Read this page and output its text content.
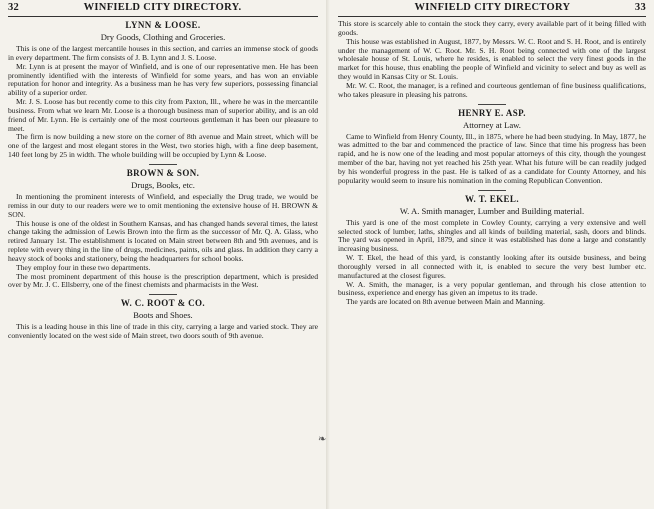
32	WINFIELD CITY DIRECTORY.
LYNN & LOOSE.
Dry Goods, Clothing and Groceries.

This is one of the largest mercantile houses in this section, and carries an immense stock of goods in every department. The firm consists of J. B. Lynn and J. S. Loose.

Mr. Lynn is at present the mayor of Winfield, and is one of our representative men. He has been prominently identified with the interests of Winfield for some years, and has won an enviable reputation for honor and integrity. As a business man he has very few superiors, possessing financial ability of a superior order.

Mr. J. S. Loose has but recently come to this city from Paxton, Ill., where he was in the mercantile business. From what we learn Mr. Loose is a thorough business man of superior ability, and is an old friend of Mr. Lynn. He is certainly one of the most courteous gentleman it has been our pleasure to meet.

The firm is now building a new store on the corner of 8th avenue and Main street, which will be one of the largest and most elegant stores in the West, two stories high, with a fine deep basement, 140 feet long by 25 in width. The whole building will be occupied by Lynn & Loose.

BROWN & SON.
Drugs, Books, etc.

In mentioning the prominent interests of Winfield, and especially the Drug trade, we would be remiss in our duty to our readers were we to omit mentioning the extensive house of H. BROWN & SON.

This house is one of the oldest in Southern Kansas, and has changed hands several times, the latest change taking the admission of Lewis Brown into the firm as the successor of Mr. Q. A. Glass, who retired January 1st. The establishment is located on Main street between 8th and 9th avenues, and is replete with every thing in the line of drugs, medicines, paints, oils and glass. In addition they carry a heavy stock of books and stationery, being the headquarters for school books.

They employ four in these two departments.

The most prominent department of this house is the prescription department, which is presided over by Mr. J. C. Ellsberry, one of the finest chemists and pharmacists in the West.

W. C. ROOT & CO.
Boots and Shoes.

This is a leading house in this line of trade in this city, carrying a large and varied stock. They are conveniently located on the west side of Main street, two doors south of 9th avenue.

❧
WINFIELD CITY DIRECTORY	33

This store is scarcely able to contain the stock they carry, every available part of it being filled with goods.

This house was established in August, 1877, by Messrs. W. C. Root and S. H. Root, and is entirely under the management of W. C. Root. Mr. S. H. Root being connected with one of the largest wholesale house of St. Louis, where he resides, is enabled to select the very finest goods in the market for this house, thus enabling the people of Winfield and vicinity to select and buy as well as they would in Kansas City or St. Louis.

Mr. W. C. Root, the manager, is a refined and courteous gentleman of fine business qualifications, who takes pleasure in pleasing his patrons.

HENRY E. ASP.
Attorney at Law.

Came to Winfield from Henry County, Ill., in 1875, where he had been studying. In May, 1877, he was admitted to the bar and commenced the practice of law. Since that time his progress has been rapid, and he is now one of the leading and most popular attorneys of this city, though the youngest member of the bar, having not yet reached his 25th year. What his future will be can readily judged by his wonderful progress in the past. He is talked of as a candidate for County Attorney, and his popularity would seem to insure his nomination in the coming Republican Convention.

W. T. EKEL.
W. A. Smith manager, Lumber and Building material.

This yard is one of the most complete in Cowley County, carrying a very extensive and well selected stock of lumber, laths, shingles and all kinds of building material, sash, doors and blinds. The yard was opened in April, 1879, and since it was established has done a large and constantly increasing business.

W. T. Ekel, the head of this yard, is constantly looking after its outside business, and being thoroughly versed in all connected with it, is enabled to secure the very best lumber etc. manufactured at the closest figures.

W. A. Smith, the manager, is a very popular gentleman, and through his close attention to business, experience and energy has given an impetus to its trade.

The yards are located on 8th avenue between Main and Manning.
